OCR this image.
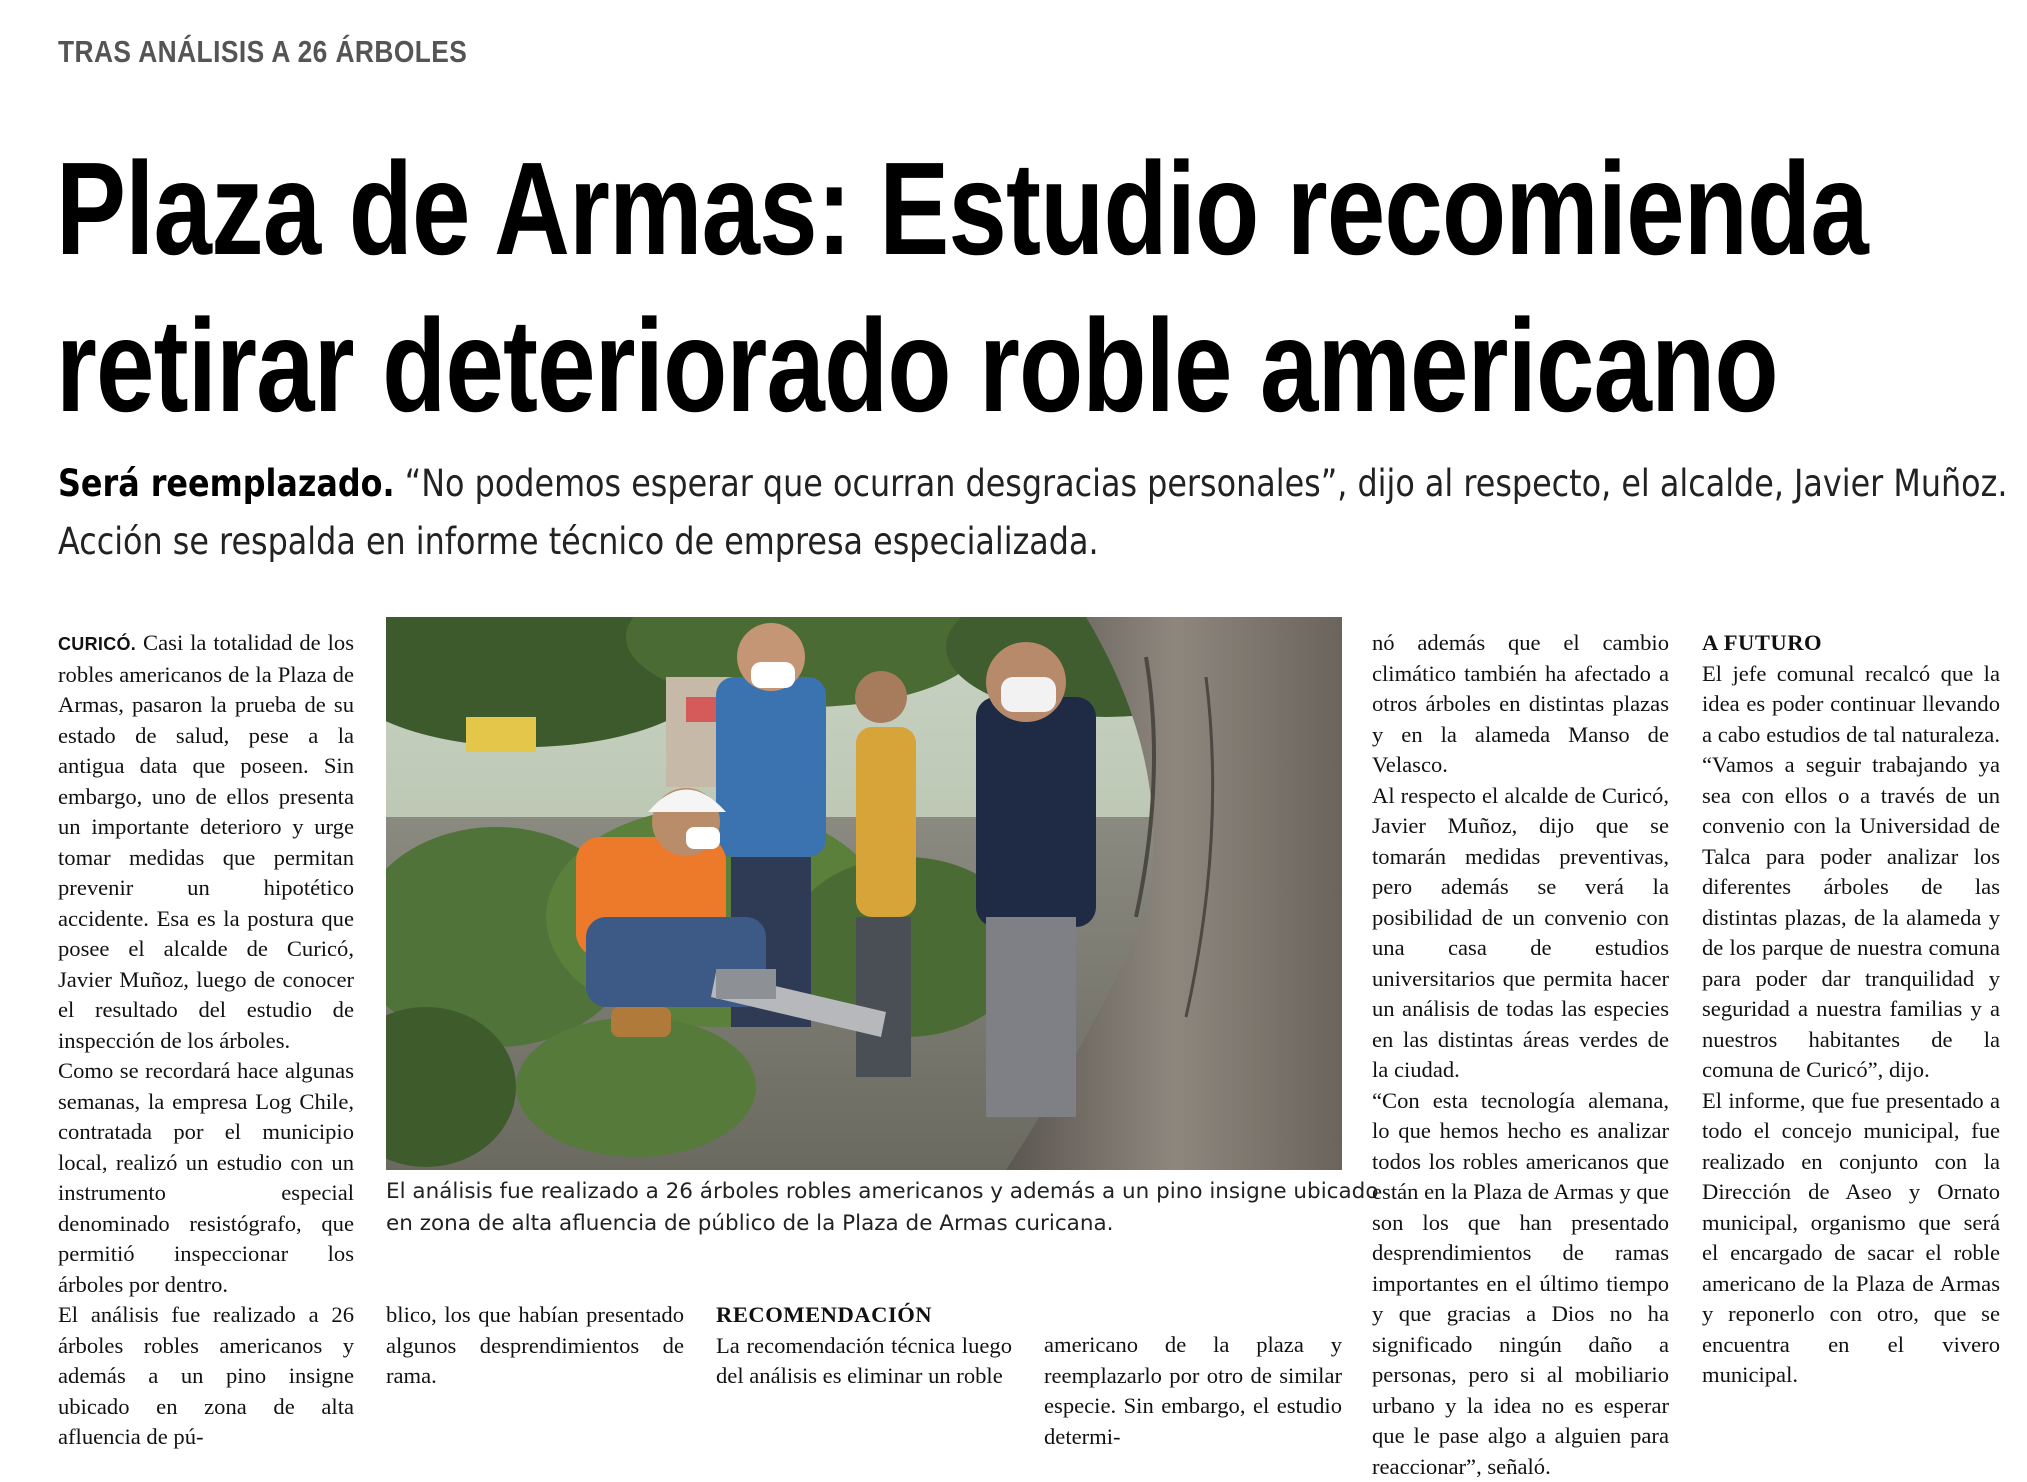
TRAS ANÁLISIS A 26 ÁRBOLES
Plaza de Armas: Estudio recomienda
retirar deteriorado roble americano
Será reemplazado. “No podemos esperar que ocurran desgracias personales”, dijo al respecto, el alcalde, Javier Muñoz.
Acción se respalda en informe técnico de empresa especializada.

CURICÓ. Casi la totalidad de los robles americanos de la Plaza de Armas, pasaron la prueba de su estado de salud, pese a la antigua data que poseen. Sin embargo, uno de ellos presenta un importante deterioro y urge tomar medidas que permitan prevenir un hipotético accidente. Esa es la postura que posee el alcalde de Curicó, Javier Muñoz, luego de conocer el resultado del estudio de inspección de los árboles.

Como se recordará hace algunas semanas, la empresa Log Chile, contratada por el municipio local, realizó un estudio con un instrumento especial denominado resistógrafo, que permitió inspeccionar los árboles por dentro.

El análisis fue realizado a 26 árboles robles americanos y además a un pino insigne ubicado en zona de alta afluencia de pú-

El análisis fue realizado a 26 árboles robles americanos y además a un pino insigne ubicado
en zona de alta afluencia de público de la Plaza de Armas curicana.

blico, los que habían presentado algunos desprendimientos de rama.

RECOMENDACIÓN

La recomendación técnica luego del análisis es eliminar un roble

americano de la plaza y reemplazarlo por otro de similar especie. Sin embargo, el estudio determi-

nó además que el cambio climático también ha afectado a otros árboles en distintas plazas y en la alameda Manso de Velasco.

Al respecto el alcalde de Curicó, Javier Muñoz, dijo que se tomarán medidas preventivas, pero además se verá la posibilidad de un convenio con una casa de estudios universitarios que permita hacer un análisis de todas las especies en las distintas áreas verdes de la ciudad.

“Con esta tecnología alemana, lo que hemos hecho es analizar todos los robles americanos que están en la Plaza de Armas y que son los que han presentado desprendimientos de ramas importantes en el último tiempo y que gracias a Dios no ha significado ningún daño a personas, pero si al mobiliario urbano y la idea no es esperar que le pase algo a alguien para reaccionar”, señaló.

A FUTURO

El jefe comunal recalcó que la idea es poder continuar llevando a cabo estudios de tal naturaleza. “Vamos a seguir trabajando ya sea con ellos o a través de un convenio con la Universidad de Talca para poder analizar los diferentes árboles de las distintas plazas, de la alameda y de los parque de nuestra comuna para poder dar tranquilidad y seguridad a nuestra familias y a nuestros habitantes de la comuna de Curicó”, dijo.

El informe, que fue presentado a todo el concejo municipal, fue realizado en conjunto con la Dirección de Aseo y Ornato municipal, organismo que será el encargado de sacar el roble americano de la Plaza de Armas y reponerlo con otro, que se encuentra en el vivero municipal.
